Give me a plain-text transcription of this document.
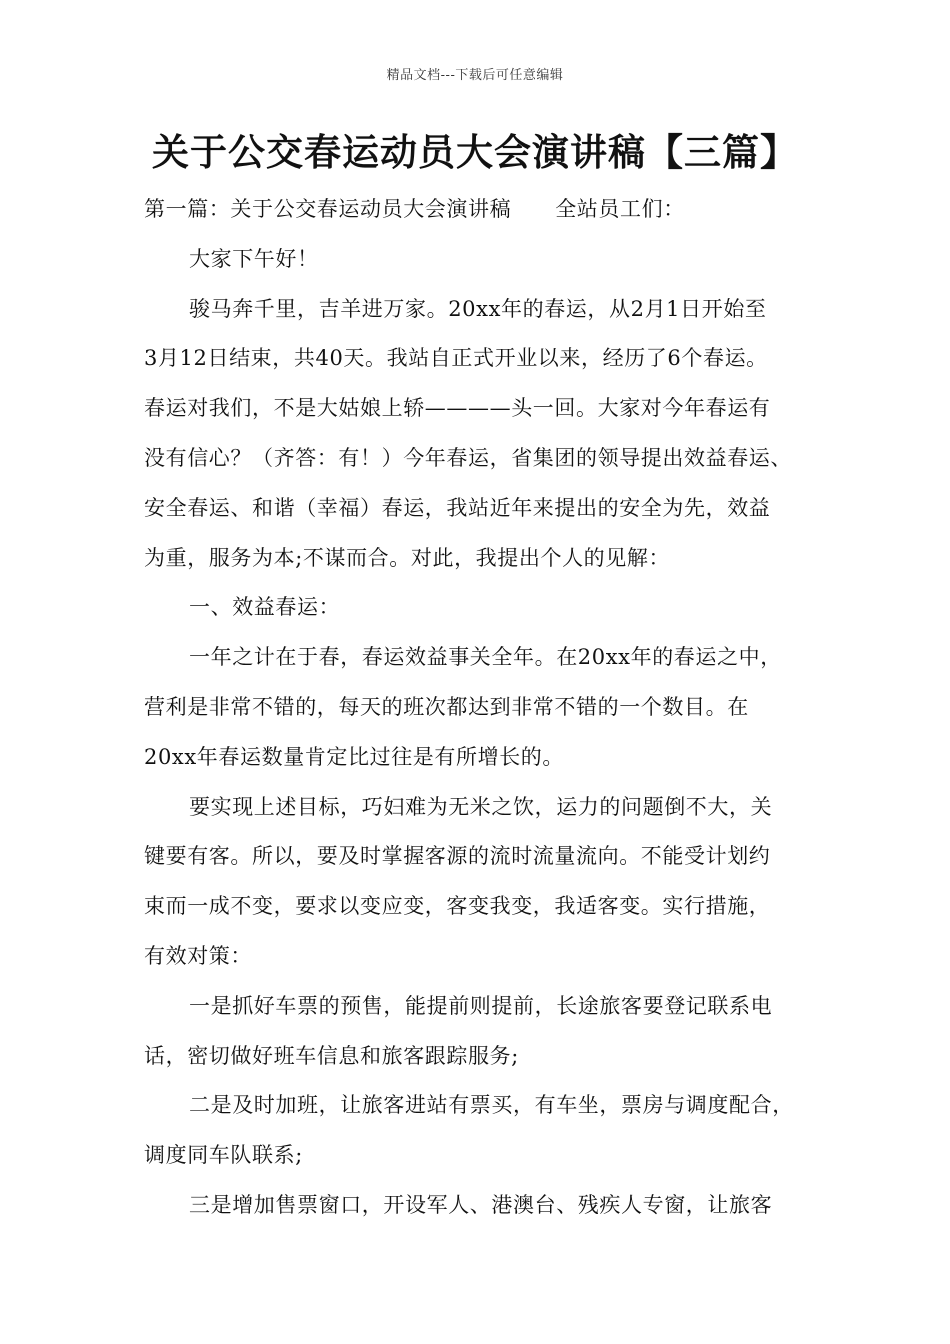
精品文档---下载后可任意编辑
关于公交春运动员大会演讲稿【三篇】
第一篇：关于公交春运动员大会演讲稿 全站员工们：
大家下午好！
骏马奔千里，吉羊进万家。20xx年的春运，从2月1日开始至
3月12日结束，共40天。我站自正式开业以来，经历了6个春运。
春运对我们，不是大姑娘上轿————头一回。大家对今年春运有
没有信心？（齐答：有！）今年春运，省集团的领导提出效益春运、
安全春运、和谐（幸福）春运，我站近年来提出的安全为先，效益
为重，服务为本;不谋而合。对此，我提出个人的见解：
一、效益春运：
一年之计在于春，春运效益事关全年。在20xx年的春运之中，
营利是非常不错的，每天的班次都达到非常不错的一个数目。在
20xx年春运数量肯定比过往是有所增长的。
要实现上述目标，巧妇难为无米之饮，运力的问题倒不大，关
键要有客。所以，要及时掌握客源的流时流量流向。不能受计划约
束而一成不变，要求以变应变，客变我变，我适客变。实行措施，
有效对策：
一是抓好车票的预售，能提前则提前，长途旅客要登记联系电
话，密切做好班车信息和旅客跟踪服务;
二是及时加班，让旅客进站有票买，有车坐，票房与调度配合，
调度同车队联系;
三是增加售票窗口，开设军人、港澳台、残疾人专窗，让旅客
